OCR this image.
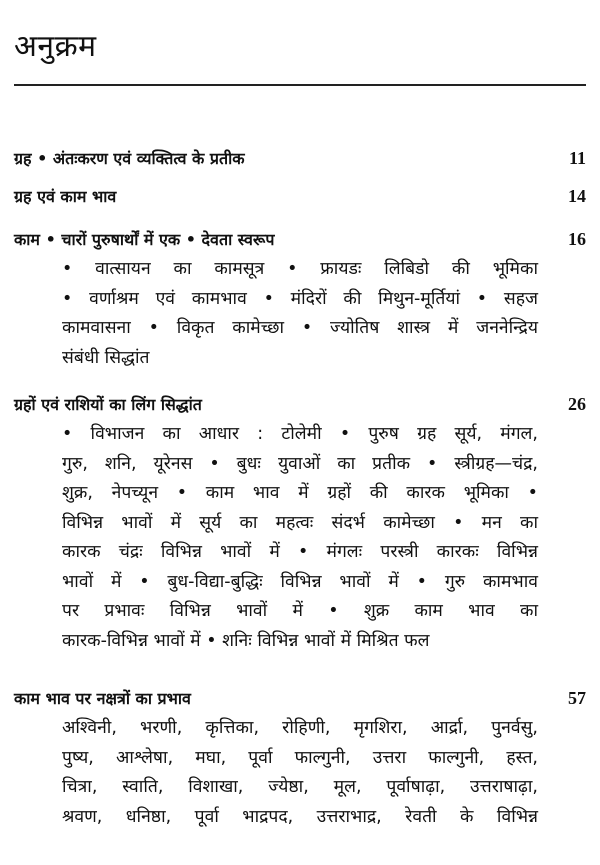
अनुक्रम
ग्रह • अंतःकरण एवं व्यक्तित्व के प्रतीक	11
ग्रह एवं काम भाव	14
काम • चारों पुरुषार्थों में एक • देवता स्वरूप	16
• वात्सायन का कामसूत्र • फ्रायडः लिबिडो की भूमिका
• वर्णाश्रम एवं कामभाव • मंदिरों की मिथुन-मूर्तियां • सहज
कामवासना • विकृत कामेच्छा • ज्योतिष शास्त्र में जननेन्द्रिय
संबंधी सिद्धांत
ग्रहों एवं राशियों का लिंग सिद्धांत	26
• विभाजन का आधार : टोलेमी • पुरुष ग्रह सूर्य, मंगल,
गुरु, शनि, यूरेनस • बुधः युवाओं का प्रतीक • स्त्रीग्रह—चंद्र,
शुक्र, नेपच्यून • काम भाव में ग्रहों की कारक भूमिका •
विभिन्न भावों में सूर्य का महत्वः संदर्भ कामेच्छा • मन का
कारक चंद्रः विभिन्न भावों में • मंगलः परस्त्री कारकः विभिन्न
भावों में • बुध-विद्या-बुद्धिः विभिन्न भावों में • गुरु कामभाव
पर प्रभावः विभिन्न भावों में • शुक्र काम भाव का
कारक-विभिन्न भावों में • शनिः विभिन्न भावों में मिश्रित फल
काम भाव पर नक्षत्रों का प्रभाव	57
अश्विनी, भरणी, कृत्तिका, रोहिणी, मृगशिरा, आर्द्रा, पुनर्वसु,
पुष्य, आश्लेषा, मघा, पूर्वा फाल्गुनी, उत्तरा फाल्गुनी, हस्त,
चित्रा, स्वाति, विशाखा, ज्येष्ठा, मूल, पूर्वाषाढ़ा, उत्तराषाढ़ा,
श्रवण, धनिष्ठा, पूर्वा भाद्रपद, उत्तराभाद्र, रेवती के विभिन्न
